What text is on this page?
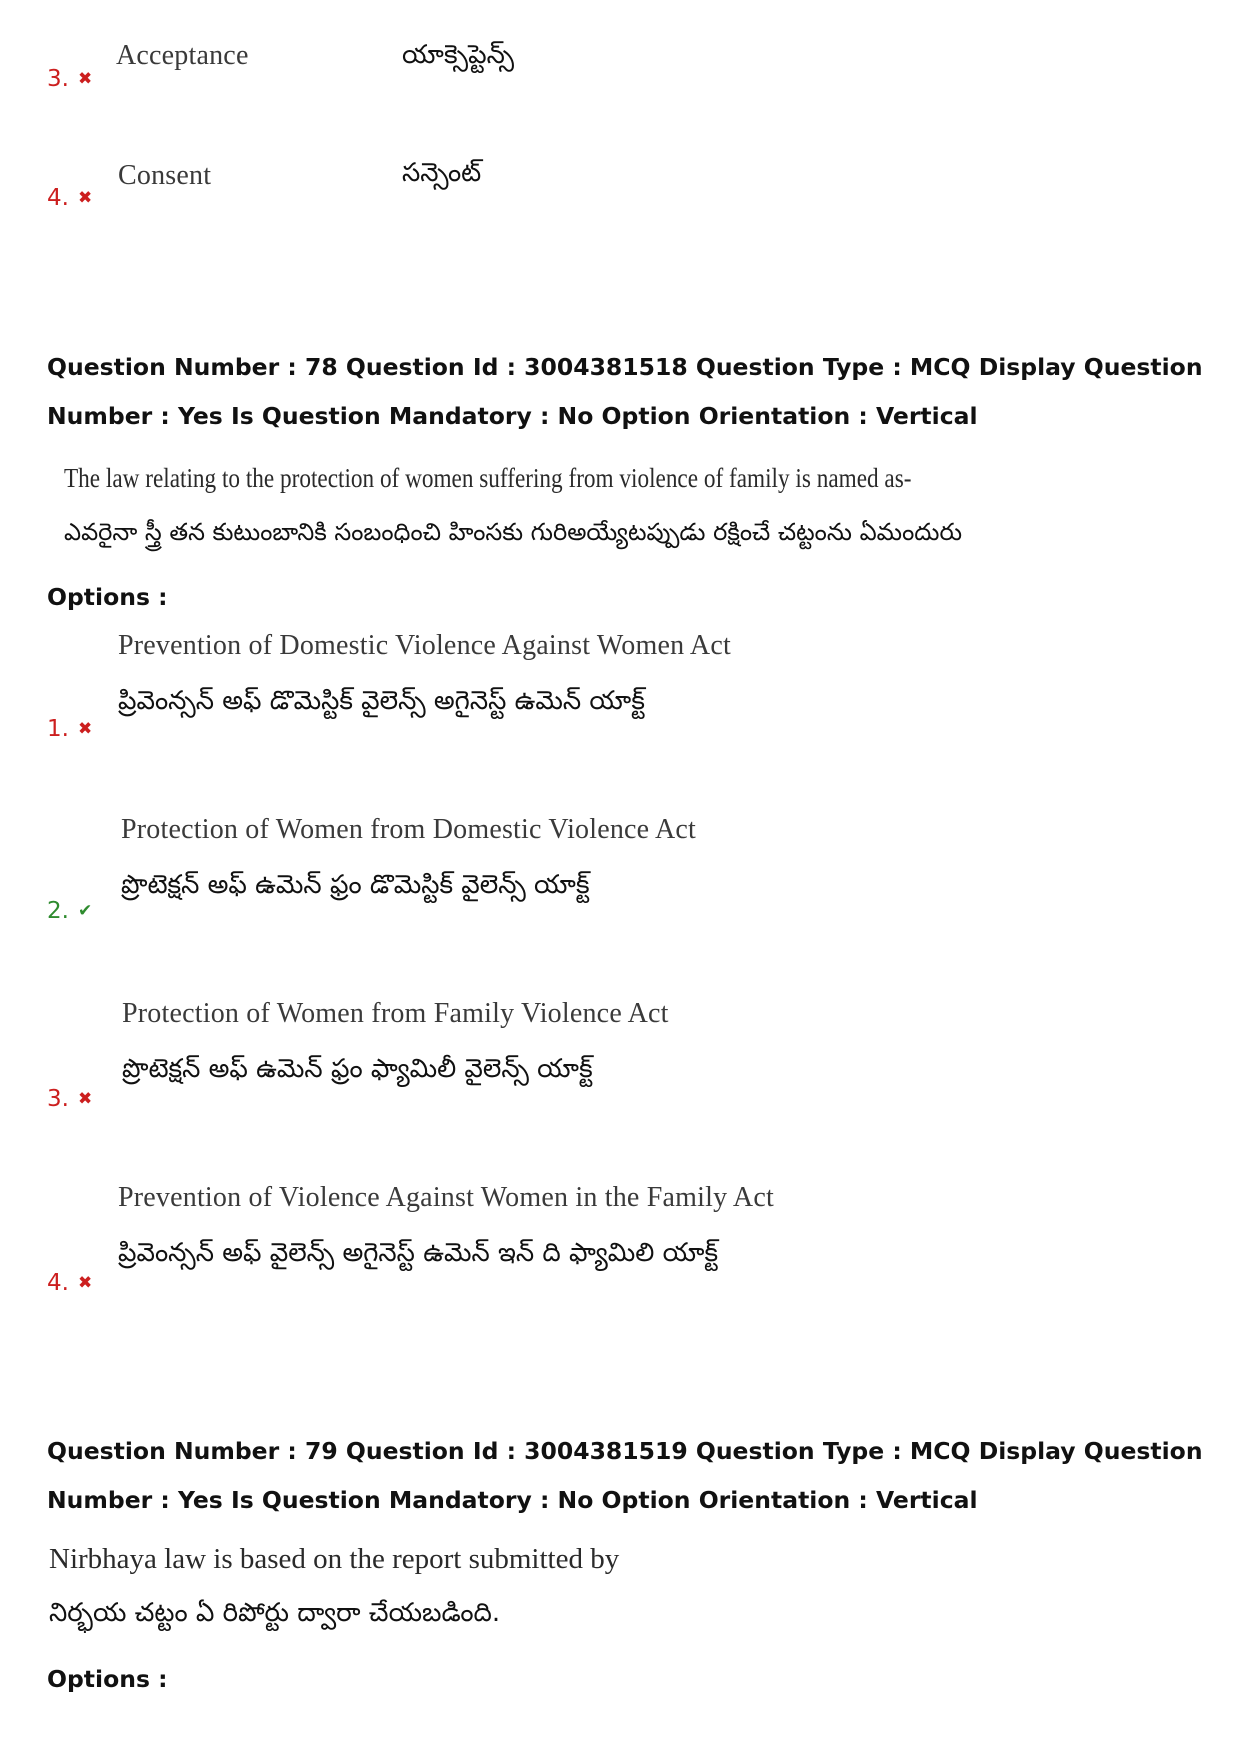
3. ✖
Acceptance	యాక్సెప్టెన్స్
4. ✖
Consent	సన్సెంట్
Question Number : 78 Question Id : 3004381518 Question Type : MCQ Display Question
Number : Yes Is Question Mandatory : No Option Orientation : Vertical
The law relating to the protection of women suffering from violence of family is named as-
ఎవరైనా స్త్రీ తన కుటుంబానికి సంబంధించి హింసకు గురిఅయ్యేటప్పుడు రక్షించే చట్టంను ఏమందురు
Options :
Prevention of Domestic Violence Against Women Act
ప్రివెంన్సన్ అఫ్ డొమెస్టిక్ వైలెన్స్ అగైనెస్ట్ ఉమెన్ యాక్ట్
1. ✖
Protection of Women from Domestic Violence Act
ప్రొటెక్షన్ అఫ్ ఉమెన్ ఫ్రం డొమెస్టిక్ వైలెన్స్ యాక్ట్
2. ✔
Protection of Women from Family Violence Act
ప్రొటెక్షన్ అఫ్ ఉమెన్ ఫ్రం ఫ్యామిలీ వైలెన్స్ యాక్ట్
3. ✖
Prevention of Violence Against Women in the Family Act
ప్రివెంన్సన్ అఫ్ వైలెన్స్ అగైనెస్ట్ ఉమెన్ ఇన్ ది ఫ్యామిలి యాక్ట్
4. ✖
Question Number : 79 Question Id : 3004381519 Question Type : MCQ Display Question
Number : Yes Is Question Mandatory : No Option Orientation : Vertical
Nirbhaya law is based on the report submitted by
నిర్భయ చట్టం ఏ రిపోర్టు ద్వారా చేయబడింది.
Options :
